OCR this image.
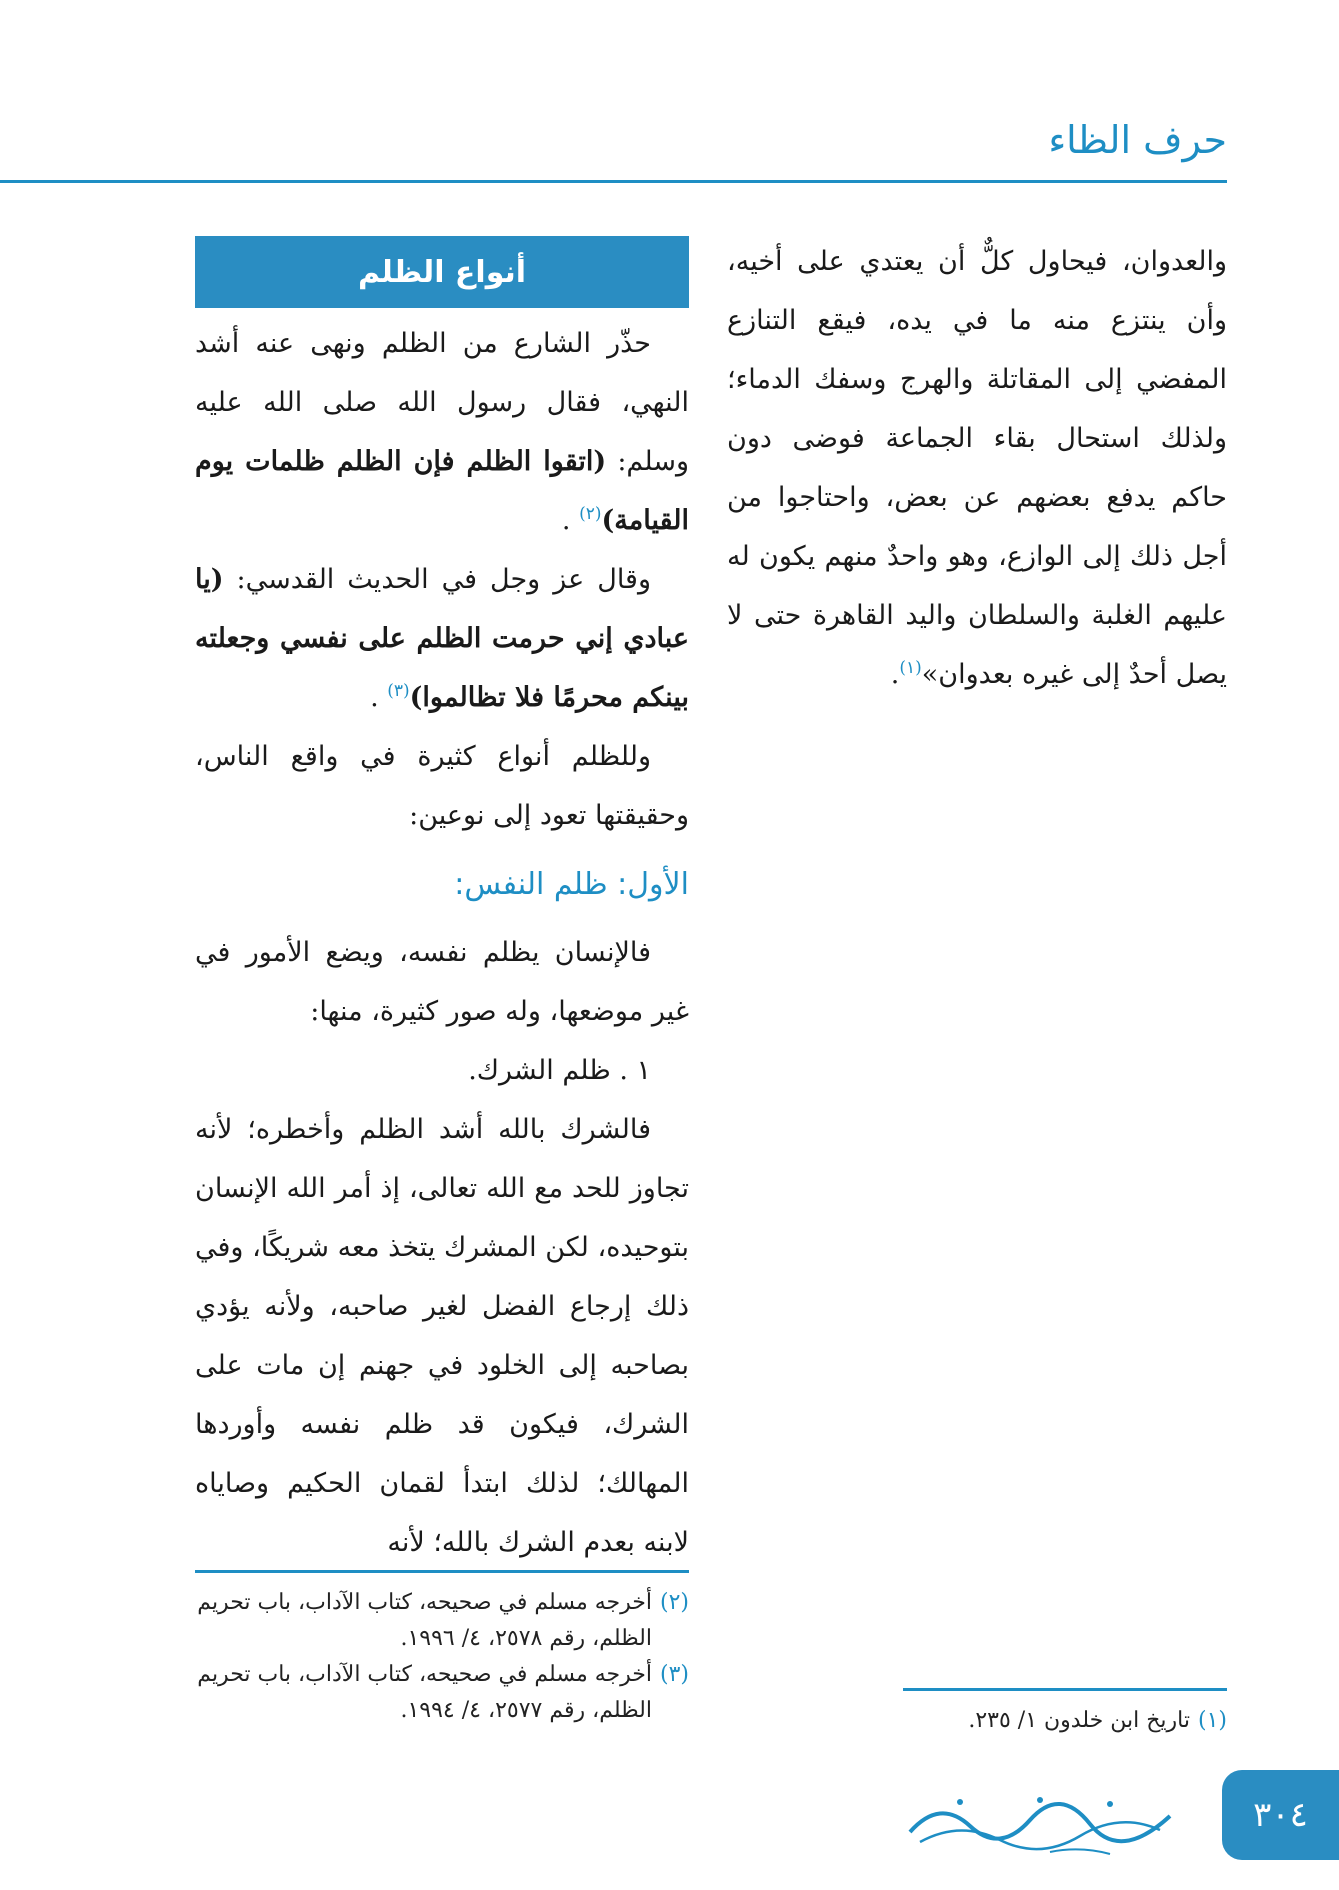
حرف الظاء

والعدوان، فيحاول كلٌّ أن يعتدي على أخيه، وأن ينتزع منه ما في يده، فيقع التنازع المفضي إلى المقاتلة والهرج وسفك الدماء؛ ولذلك استحال بقاء الجماعة فوضى دون حاكم يدفع بعضهم عن بعض، واحتاجوا من أجل ذلك إلى الوازع، وهو واحدٌ منهم يكون له عليهم الغلبة والسلطان واليد القاهرة حتى لا يصل أحدٌ إلى غيره بعدوان»$^{(١)}$.

أنواع الظلم

حذّر الشارع من الظلم ونهى عنه أشد النهي، فقال رسول الله صلى الله عليه وسلم: (اتقوا الظلم فإن الظلم ظلمات يوم القيامة)$^{(٢)}$ .

وقال عز وجل في الحديث القدسي: (يا عبادي إني حرمت الظلم على نفسي وجعلته بينكم محرمًا فلا تظالموا)$^{(٣)}$ .

وللظلم أنواع كثيرة في واقع الناس، وحقيقتها تعود إلى نوعين:

الأول: ظلم النفس:

فالإنسان يظلم نفسه، ويضع الأمور في غير موضعها، وله صور كثيرة، منها:

١ . ظلم الشرك.

فالشرك بالله أشد الظلم وأخطره؛ لأنه تجاوز للحد مع الله تعالى، إذ أمر الله الإنسان بتوحيده، لكن المشرك يتخذ معه شريكًا، وفي ذلك إرجاع الفضل لغير صاحبه، ولأنه يؤدي بصاحبه إلى الخلود في جهنم إن مات على الشرك، فيكون قد ظلم نفسه وأوردها المهالك؛ لذلك ابتدأ لقمان الحكيم وصاياه لابنه بعدم الشرك بالله؛ لأنه

(٢)
أخرجه مسلم في صحيحه، كتاب الآداب، باب تحريم الظلم، رقم ٢٥٧٨، ٤/ ١٩٩٦.
(٣)
أخرجه مسلم في صحيحه، كتاب الآداب، باب تحريم الظلم، رقم ٢٥٧٧، ٤/ ١٩٩٤.	(١)
تاريخ ابن خلدون ١/ ٢٣٥.
٣٠٤
